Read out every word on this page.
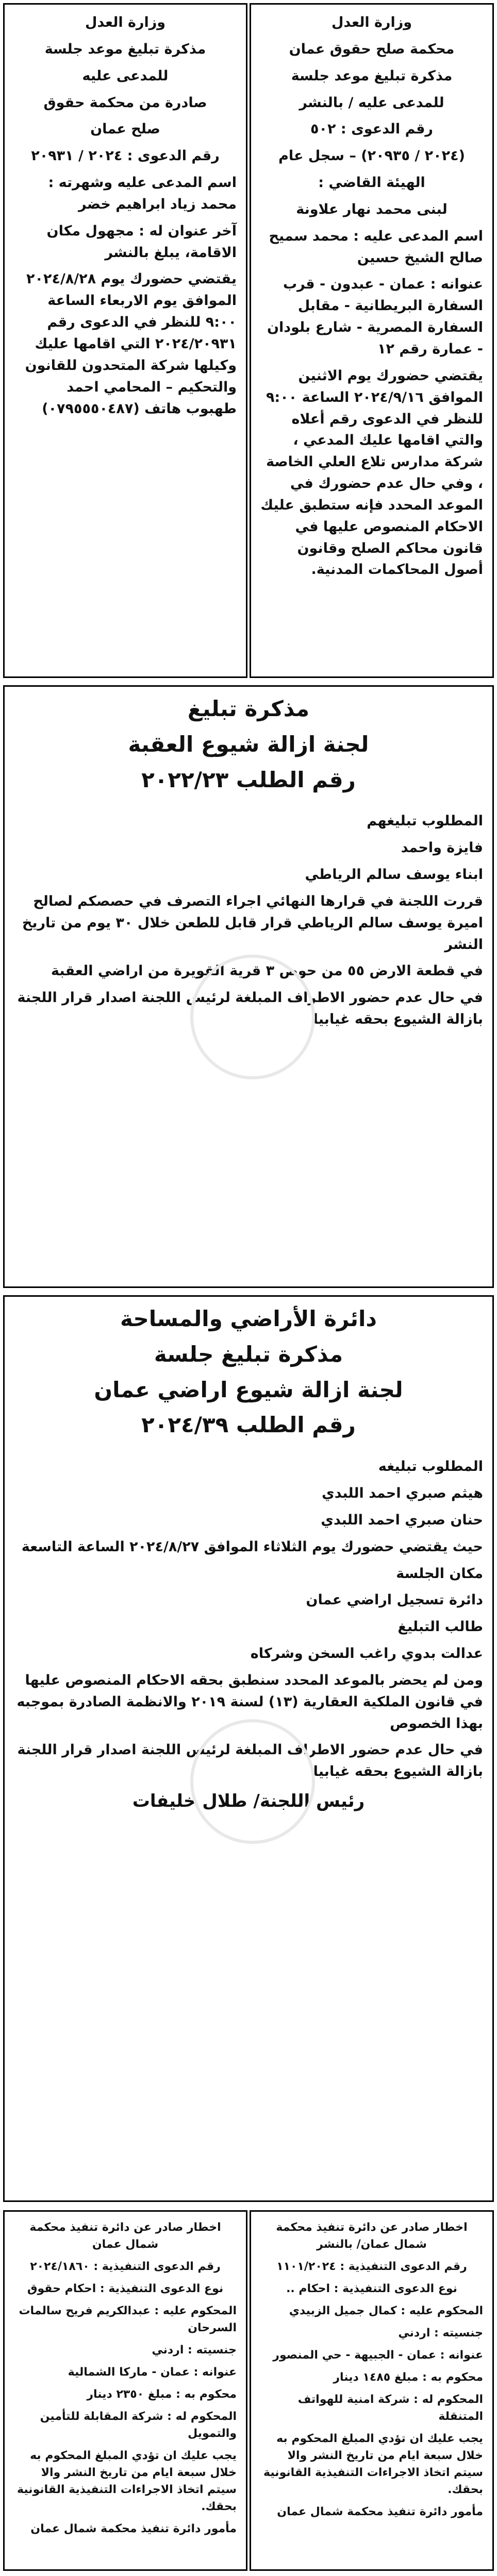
وزارة العدل

محكمة صلح حقوق عمان

مذكرة تبليغ موعد جلسة

للمدعى عليه / بالنشر

رقم الدعوى : ٥٠٢

(٢٠٢٤ / ٢٠٩٣٥) – سجل عام

الهيئة القاضي :

لبنى محمد نهار علاونة

اسم المدعى عليه : محمد سميح صالح الشيخ حسين

عنوانه : عمان - عبدون - قرب السفارة البريطانية - مقابل السفارة المصرية - شارع بلودان - عمارة رقم ١٢

يقتضي حضورك يوم الاثنين الموافق ٢٠٢٤/٩/١٦ الساعة ٩:٠٠ للنظر في الدعوى رقم أعلاه والتي اقامها عليك المدعي ، شركة مدارس تلاع العلي الخاصة ، وفي حال عدم حضورك في الموعد المحدد فإنه ستطبق عليك الاحكام المنصوص عليها في قانون محاكم الصلح وقانون أصول المحاكمات المدنية.

وزارة العدل

مذكرة تبليغ موعد جلسة

للمدعى عليه

صادرة من محكمة حقوق

صلح عمان

رقم الدعوى : ٢٠٢٤ / ٢٠٩٣١

اسم المدعى عليه وشهرته : محمد زياد ابراهيم خضر

آخر عنوان له : مجهول مكان الاقامة، يبلغ بالنشر

يقتضي حضورك يوم ٢٠٢٤/٨/٢٨ الموافق يوم الاربعاء الساعة ٩:٠٠ للنظر في الدعوى رقم ٢٠٢٤/٢٠٩٣١ التي اقامها عليك وكيلها شركة المتحدون للقانون والتحكيم – المحامي احمد طهبوب هاتف (٠٧٩٥٥٥٠٤٨٧)

مذكرة تبليغ

لجنة ازالة شيوع العقبة

رقم الطلب ٢٠٢٢/٢٣

المطلوب تبليغهم

فايزة واحمد

ابناء يوسف سالم الرياطي

قررت اللجنة في قرارها النهائي اجراء التصرف في حصصكم لصالح اميرة يوسف سالم الرياطي قرار قابل للطعن خلال ٣٠ يوم من تاريخ النشر

في قطعة الارض ٥٥ من حوض ٣ قرية القويرة من اراضي العقبة

في حال عدم حضور الاطراف المبلغة لرئيس اللجنة اصدار قرار اللجنة بازالة الشيوع بحقه غيابيا

دائرة الأراضي والمساحة

مذكرة تبليغ جلسة

لجنة ازالة شيوع اراضي عمان

رقم الطلب ٢٠٢٤/٣٩

المطلوب تبليغه

هيثم صبري احمد اللبدي

حنان صبري احمد اللبدي

حيث يقتضي حضورك يوم الثلاثاء الموافق ٢٠٢٤/٨/٢٧ الساعة التاسعة

مكان الجلسة

دائرة تسجيل اراضي عمان

طالب التبليغ

عدالت بدوي راغب السخن وشركاه

ومن لم يحضر بالموعد المحدد سنطبق بحقه الاحكام المنصوص عليها في قانون الملكية العقارية (١٣) لسنة ٢٠١٩ والانظمة الصادرة بموجبه بهذا الخصوص

في حال عدم حضور الاطراف المبلغة لرئيس اللجنة اصدار قرار اللجنة بازالة الشيوع بحقه غيابيا

رئيس اللجنة/ طلال خليفات

اخطار صادر عن دائرة تنفيذ محكمة شمال عمان/ بالنشر

رقم الدعوى التنفيذية : ١١٠١/٢٠٢٤

نوع الدعوى التنفيذية : احكام ..

المحكوم عليه : كمال جميل الزبيدي

جنسيته : اردني

عنوانه : عمان - الجبيهة - حي المنصور

محكوم به : مبلغ ١٤٨٥ دينار

المحكوم له : شركة امنية للهواتف المتنقلة

يجب عليك ان تؤدي المبلغ المحكوم به خلال سبعة ايام من تاريخ النشر والا سيتم اتخاذ الاجراءات التنفيذية القانونية بحقك.

مأمور دائرة تنفيذ محكمة شمال عمان

اخطار صادر عن دائرة تنفيذ محكمة شمال عمان

رقم الدعوى التنفيذية : ٢٠٢٤/١٨٦٠

نوع الدعوى التنفيذية : احكام حقوق

المحكوم عليه : عبدالكريم فريح سالمات السرحان

جنسيته : اردني

عنوانه : عمان - ماركا الشمالية

محكوم به : مبلغ ٢٣٥٠ دينار

المحكوم له : شركة المقابلة للتأمين والتمويل

يجب عليك ان تؤدي المبلغ المحكوم به خلال سبعة ايام من تاريخ النشر والا سيتم اتخاذ الاجراءات التنفيذية القانونية بحقك.

مأمور دائرة تنفيذ محكمة شمال عمان
